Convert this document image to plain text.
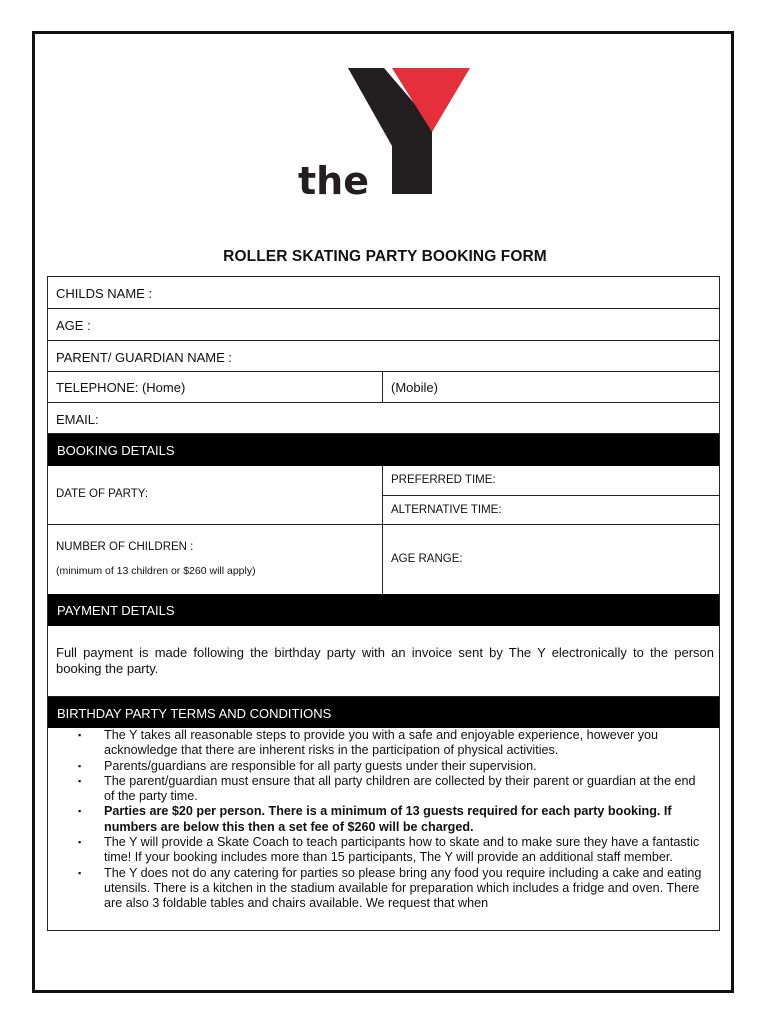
the
ROLLER SKATING PARTY BOOKING FORM
CHILDS NAME :
AGE :
PARENT/ GUARDIAN NAME :
TELEPHONE: (Home)	(Mobile)
EMAIL:
BOOKING DETAILS
DATE OF PARTY:
PREFERRED TIME:
ALTERNATIVE TIME:
NUMBER OF CHILDREN :
(minimum of 13 children or $260 will apply)
AGE RANGE:
PAYMENT DETAILS
Full payment is made following the birthday party with an invoice sent by The Y electronically to the person booking the party.
BIRTHDAY PARTY TERMS AND CONDITIONS
▪ The Y takes all reasonable steps to provide you with a safe and enjoyable experience, however you acknowledge that there are inherent risks in the participation of physical activities.
▪ Parents/guardians are responsible for all party guests under their supervision.
▪ The parent/guardian must ensure that all party children are collected by their parent or guardian at the end of the party time.
▪ Parties are $20 per person. There is a minimum of 13 guests required for each party booking. If numbers are below this then a set fee of $260 will be charged.
▪ The Y will provide a Skate Coach to teach participants how to skate and to make sure they have a fantastic time! If your booking includes more than 15 participants, The Y will provide an additional staff member.
▪ The Y does not do any catering for parties so please bring any food you require including a cake and eating utensils. There is a kitchen in the stadium available for preparation which includes a fridge and oven. There are also 3 foldable tables and chairs available. We request that when
